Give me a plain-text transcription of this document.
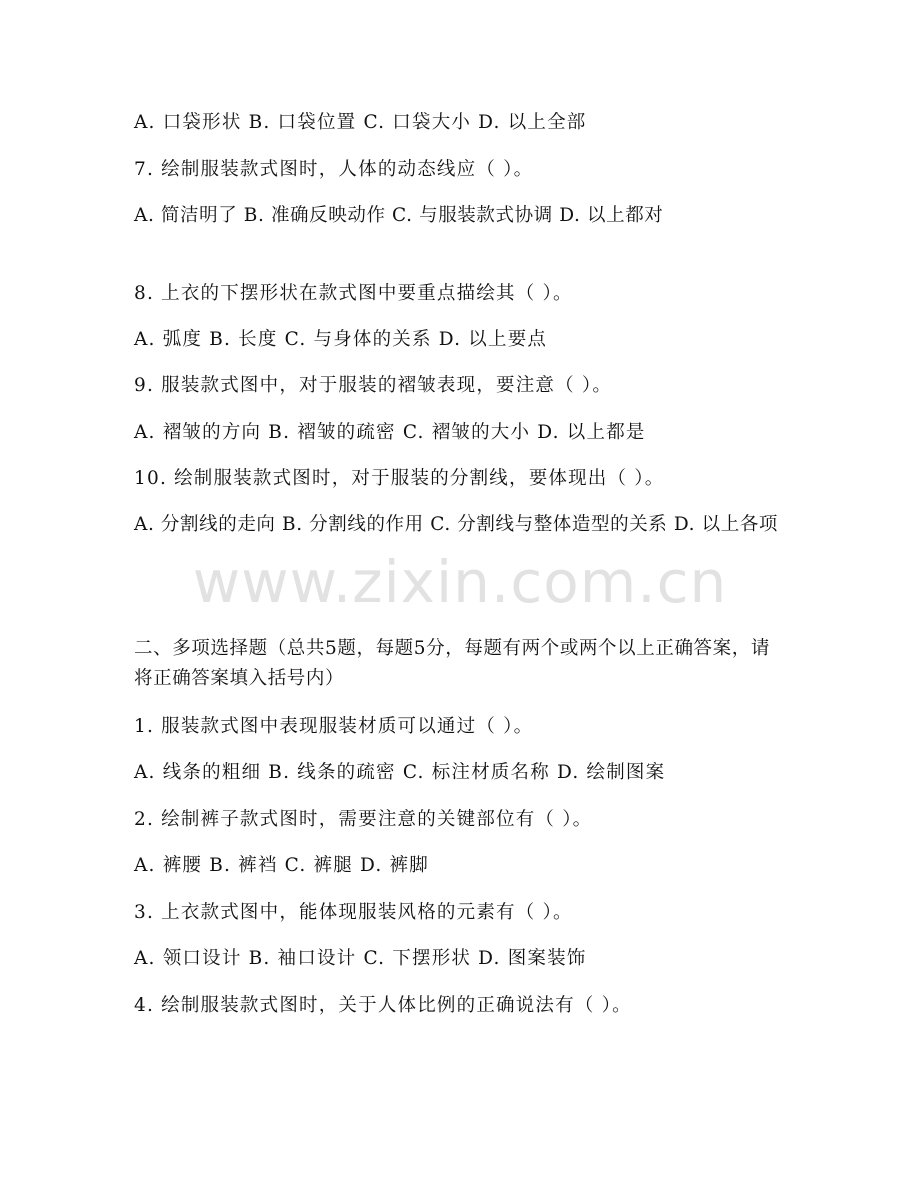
A. 口袋形状 B. 口袋位置 C. 口袋大小 D. 以上全部
7. 绘制服装款式图时，人体的动态线应（ ）。
A. 简洁明了 B. 准确反映动作 C. 与服装款式协调 D. 以上都对
8. 上衣的下摆形状在款式图中要重点描绘其（ ）。
A. 弧度 B. 长度 C. 与身体的关系 D. 以上要点
9. 服装款式图中，对于服装的褶皱表现，要注意（ ）。
A. 褶皱的方向 B. 褶皱的疏密 C. 褶皱的大小 D. 以上都是
10. 绘制服装款式图时，对于服装的分割线，要体现出（ ）。
A. 分割线的走向 B. 分割线的作用 C. 分割线与整体造型的关系 D. 以上各项
二、多项选择题（总共5题，每题5分，每题有两个或两个以上正确答案，请将正确答案填入括号内）
1. 服装款式图中表现服装材质可以通过（ ）。
A. 线条的粗细 B. 线条的疏密 C. 标注材质名称 D. 绘制图案
2. 绘制裤子款式图时，需要注意的关键部位有（ ）。
A. 裤腰 B. 裤裆 C. 裤腿 D. 裤脚
3. 上衣款式图中，能体现服装风格的元素有（ ）。
A. 领口设计 B. 袖口设计 C. 下摆形状 D. 图案装饰
4. 绘制服装款式图时，关于人体比例的正确说法有（ ）。
www.zixin.com.cn
